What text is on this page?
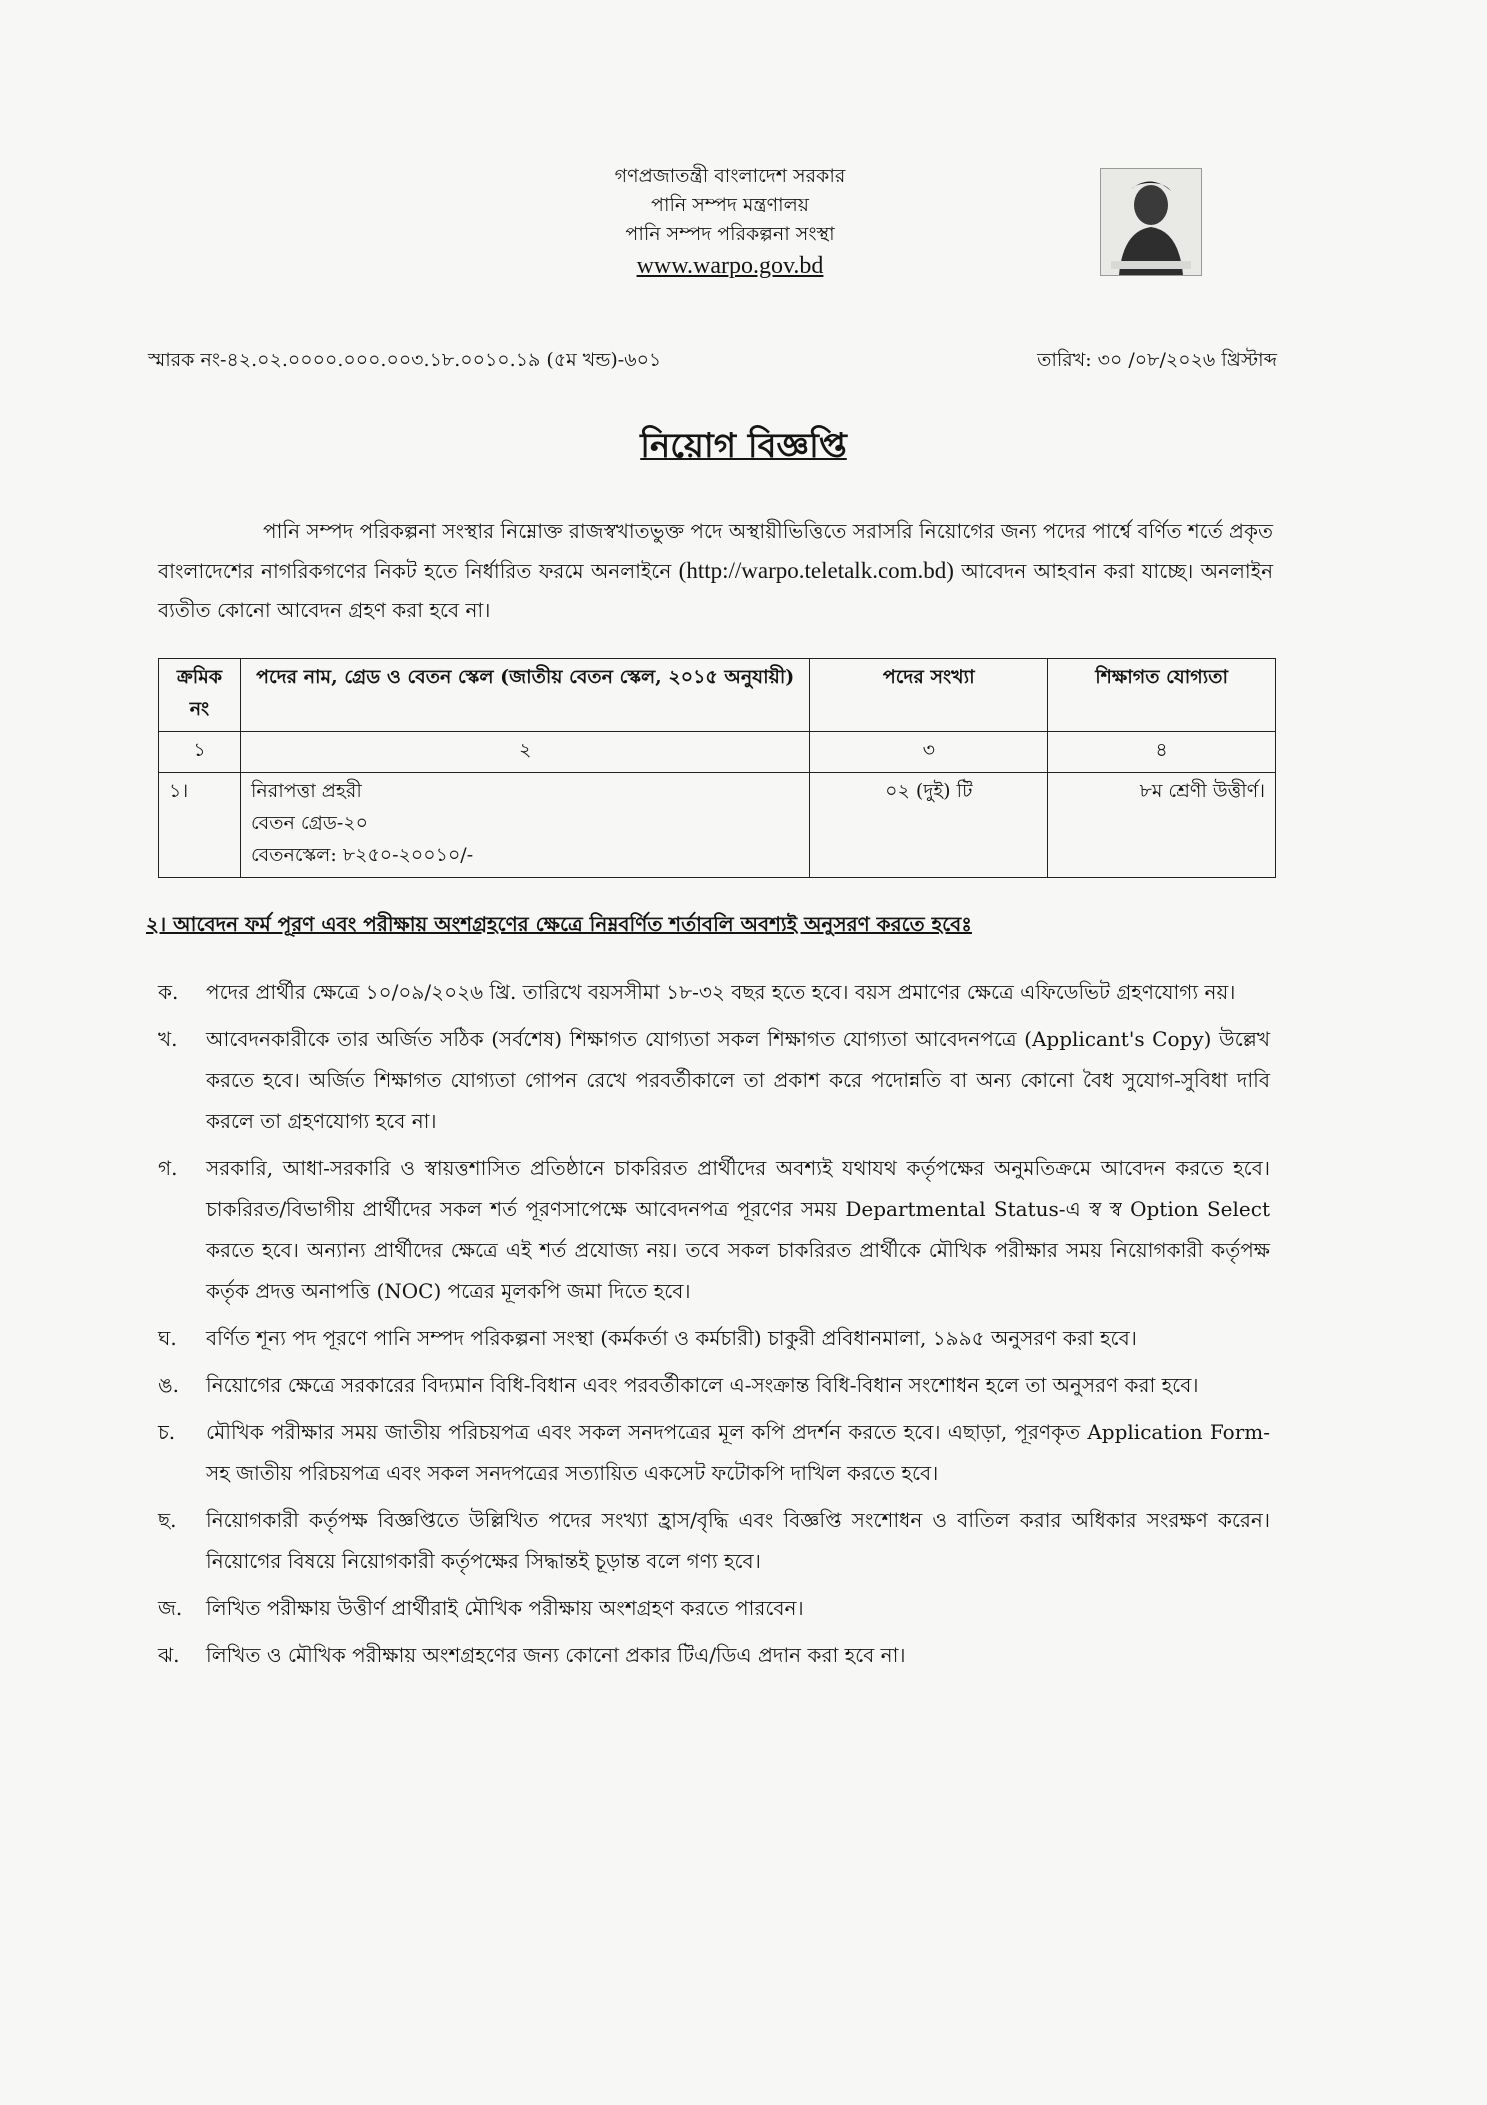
গণপ্রজাতন্ত্রী বাংলাদেশ সরকার
পানি সম্পদ মন্ত্রণালয়
পানি সম্পদ পরিকল্পনা সংস্থা
www.warpo.gov.bd
স্মারক নং-৪২.০২.০০০০.০০০.০০৩.১৮.০০১০.১৯ (৫ম খন্ড)-৬০১	তারিখ: ৩০ /০৮/২০২৬ খ্রিস্টাব্দ
নিয়োগ বিজ্ঞপ্তি
পানি সম্পদ পরিকল্পনা সংস্থার নিম্নোক্ত রাজস্বখাতভুক্ত পদে অস্থায়ীভিত্তিতে সরাসরি নিয়োগের জন্য পদের পার্শ্বে বর্ণিত শর্তে প্রকৃত বাংলাদেশের নাগরিকগণের নিকট হতে নির্ধারিত ফরমে অনলাইনে (http://warpo.teletalk.com.bd) আবেদন আহবান করা যাচ্ছে। অনলাইন ব্যতীত কোনো আবেদন গ্রহণ করা হবে না।
ক্রমিক নং	পদের নাম, গ্রেড ও বেতন স্কেল (জাতীয় বেতন স্কেল, ২০১৫ অনুযায়ী)	পদের সংখ্যা	শিক্ষাগত যোগ্যতা
১	২	৩	৪
১।	নিরাপত্তা প্রহরী
বেতন গ্রেড-২০
বেতনস্কেল: ৮২৫০-২০০১০/-	০২ (দুই) টি	৮ম শ্রেণী উত্তীর্ণ।
২। আবেদন ফর্ম পূরণ এবং পরীক্ষায় অংশগ্রহণের ক্ষেত্রে নিম্নবর্ণিত শর্তাবলি অবশ্যই অনুসরণ করতে হবেঃ
ক.	পদের প্রার্থীর ক্ষেত্রে ১০/০৯/২০২৬ খ্রি. তারিখে বয়সসীমা ১৮-৩২ বছর হতে হবে। বয়স প্রমাণের ক্ষেত্রে এফিডেভিট গ্রহণযোগ্য নয়।
খ.	আবেদনকারীকে তার অর্জিত সঠিক (সর্বশেষ) শিক্ষাগত যোগ্যতা সকল শিক্ষাগত যোগ্যতা আবেদনপত্রে (Applicant's Copy) উল্লেখ করতে হবে। অর্জিত শিক্ষাগত যোগ্যতা গোপন রেখে পরবর্তীকালে তা প্রকাশ করে পদোন্নতি বা অন্য কোনো বৈধ সুযোগ-সুবিধা দাবি করলে তা গ্রহণযোগ্য হবে না।
গ.	সরকারি, আধা-সরকারি ও স্বায়ত্তশাসিত প্রতিষ্ঠানে চাকরিরত প্রার্থীদের অবশ্যই যথাযথ কর্তৃপক্ষের অনুমতিক্রমে আবেদন করতে হবে। চাকরিরত/বিভাগীয় প্রার্থীদের সকল শর্ত পূরণসাপেক্ষে আবেদনপত্র পূরণের সময় Departmental Status-এ স্ব স্ব Option Select করতে হবে। অন্যান্য প্রার্থীদের ক্ষেত্রে এই শর্ত প্রযোজ্য নয়। তবে সকল চাকরিরত প্রার্থীকে মৌখিক পরীক্ষার সময় নিয়োগকারী কর্তৃপক্ষ কর্তৃক প্রদত্ত অনাপত্তি (NOC) পত্রের মূলকপি জমা দিতে হবে।
ঘ.	বর্ণিত শূন্য পদ পূরণে পানি সম্পদ পরিকল্পনা সংস্থা (কর্মকর্তা ও কর্মচারী) চাকুরী প্রবিধানমালা, ১৯৯৫ অনুসরণ করা হবে।
ঙ.	নিয়োগের ক্ষেত্রে সরকারের বিদ্যমান বিধি-বিধান এবং পরবর্তীকালে এ-সংক্রান্ত বিধি-বিধান সংশোধন হলে তা অনুসরণ করা হবে।
চ.	মৌখিক পরীক্ষার সময় জাতীয় পরিচয়পত্র এবং সকল সনদপত্রের মূল কপি প্রদর্শন করতে হবে। এছাড়া, পূরণকৃত Application Form-সহ জাতীয় পরিচয়পত্র এবং সকল সনদপত্রের সত্যায়িত একসেট ফটোকপি দাখিল করতে হবে।
ছ.	নিয়োগকারী কর্তৃপক্ষ বিজ্ঞপ্তিতে উল্লিখিত পদের সংখ্যা হ্রাস/বৃদ্ধি এবং বিজ্ঞপ্তি সংশোধন ও বাতিল করার অধিকার সংরক্ষণ করেন। নিয়োগের বিষয়ে নিয়োগকারী কর্তৃপক্ষের সিদ্ধান্তই চূড়ান্ত বলে গণ্য হবে।
জ.	লিখিত পরীক্ষায় উত্তীর্ণ প্রার্থীরাই মৌখিক পরীক্ষায় অংশগ্রহণ করতে পারবেন।
ঝ.	লিখিত ও মৌখিক পরীক্ষায় অংশগ্রহণের জন্য কোনো প্রকার টিএ/ডিএ প্রদান করা হবে না।
